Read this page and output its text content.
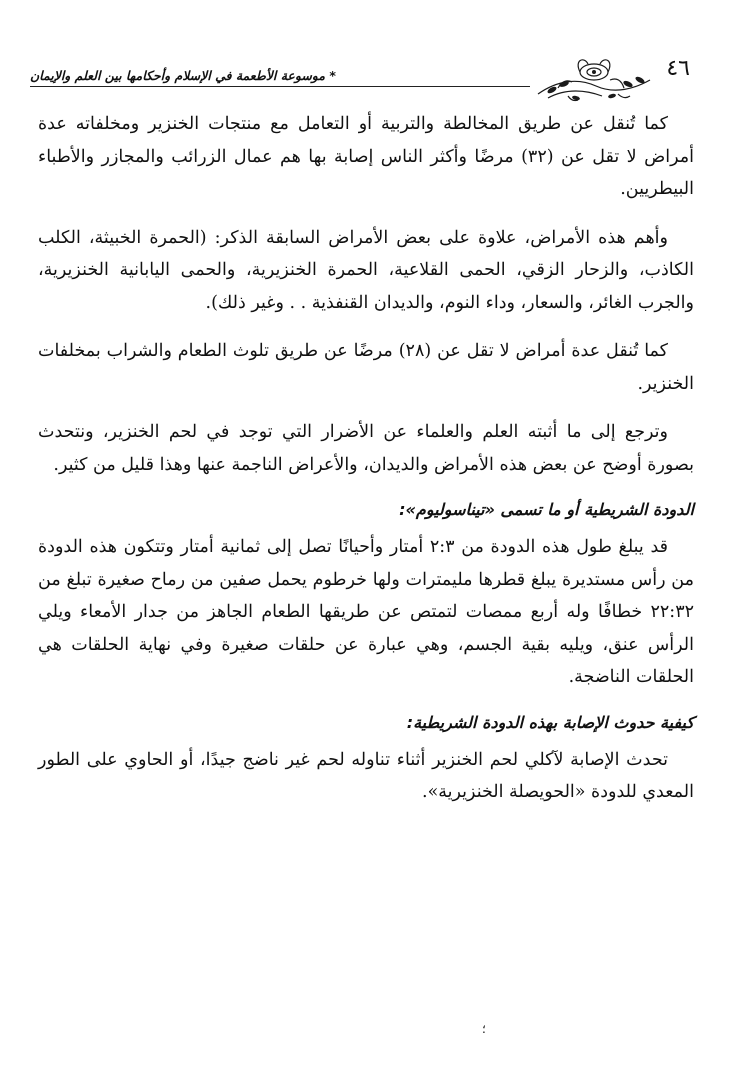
* موسوعة الأطعمة في الإسلام وأحكامها بين العلم والإيمان	٤٦

كما تُنقل عن طريق المخالطة والتربية أو التعامل مع منتجات الخنزير ومخلفاته عدة أمراض لا تقل عن (٣٢) مرضًا وأكثر الناس إصابة بها هم عمال الزرائب والمجازر والأطباء البيطريين.

وأهم هذه الأمراض، علاوة على بعض الأمراض السابقة الذكر: (الحمرة الخبيثة، الكلب الكاذب، والزحار الزقي، الحمى القلاعية، الحمرة الخنزيرية، والحمى اليابانية الخنزيرية، والجرب الغائر، والسعار، وداء النوم، والديدان القنفذية . . وغير ذلك).

كما تُنقل عدة أمراض لا تقل عن (٢٨) مرضًا عن طريق تلوث الطعام والشراب بمخلفات الخنزير.

وترجع إلى ما أثبته العلم والعلماء عن الأضرار التي توجد في لحم الخنزير، ونتحدث بصورة أوضح عن بعض هذه الأمراض والديدان، والأعراض الناجمة عنها وهذا قليل من كثير.

الدودة الشريطية أو ما تسمى «تيناسوليوم»:

قد يبلغ طول هذه الدودة من ٢:٣ أمتار وأحيانًا تصل إلى ثمانية أمتار وتتكون هذه الدودة من رأس مستديرة يبلغ قطرها مليمترات ولها خرطوم يحمل صفين من رماح صغيرة تبلغ من ٢٢:٣٢ خطافًا وله أربع ممصات لتمتص عن طريقها الطعام الجاهز من جدار الأمعاء ويلي الرأس عنق، ويليه بقية الجسم، وهي عبارة عن حلقات صغيرة وفي نهاية الحلقات هي الحلقات الناضجة.

كيفية حدوث الإصابة بهذه الدودة الشريطية:

تحدث الإصابة لآكلي لحم الخنزير أثناء تناوله لحم غير ناضج جيدًا، أو الحاوي على الطور المعدي للدودة «الحويصلة الخنزيرية».

؛
